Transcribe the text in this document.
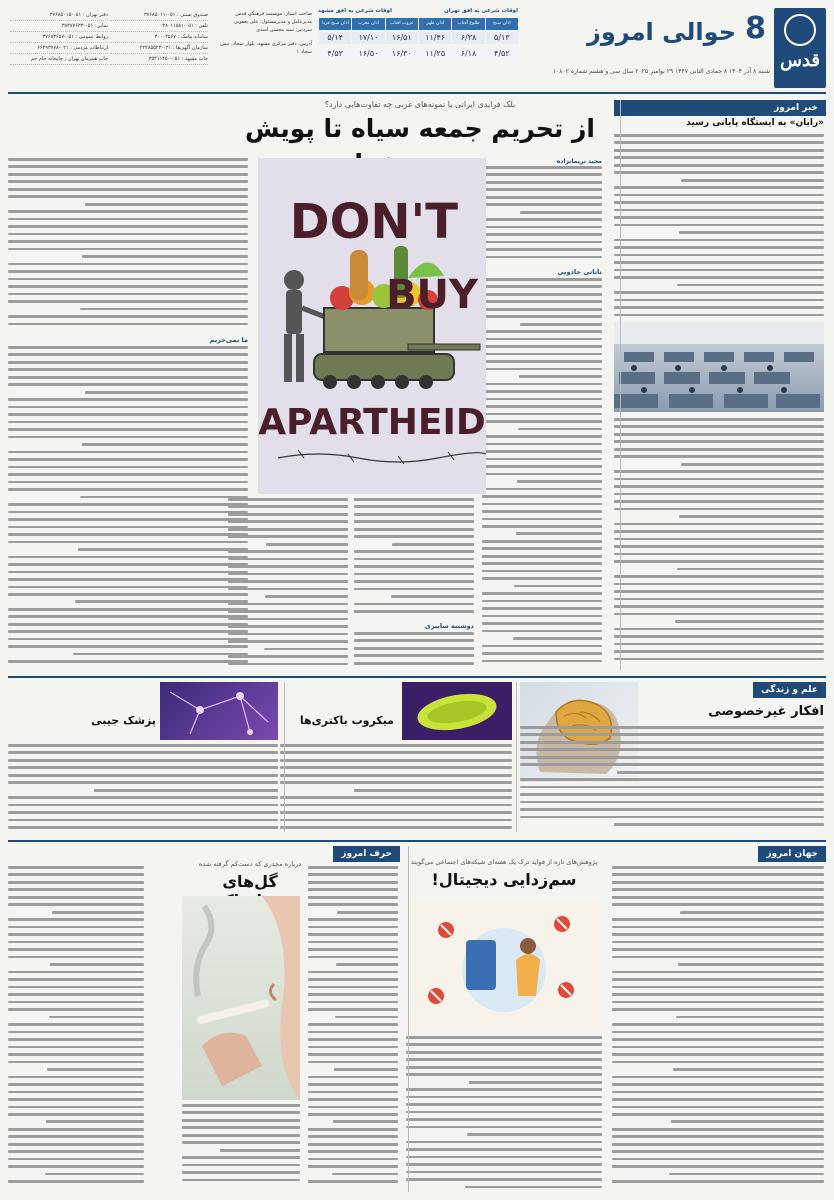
قدس
8
حوالی امروز
شنبه ۸ آذر ۱۴۰۴ ۸ جمادی الثانی ۱۴۴۷ ۲۹ نوامبر ۲۰۲۵ سال سی و هشتم شماره ۱۰۸۰۲
اوقات شرعی به افق تهران
اوقات شرعی به افق مشهد
اذان صبح
۵/۱۳
۴/۵۲
طلوع آفتاب
۶/۳۸
۶/۱۸
اذان ظهر
۱۱/۴۶
۱۱/۲۵
غروب آفتاب
۱۶/۵۱
۱۶/۳۰
اذان مغرب
۱۷/۱۰
۱۶/۵۰
اذان صبح فردا
۵/۱۴
۴/۵۳
صاحب امتیاز: موسسه فرهنگی قدس
مدیرعامل و مدیرمسئول: علی یعقوبی
سردبیر: سید محسن اسدی
آدرس: دفتر مرکزی مشهد، بلوار سجاد، نبش سجاد ۱
صندوق پستی : ۰۵۱-۳۷۶۸۵۰۱۱
دفتر تهران : ۰۵۱-۳۷۶۸۵۰۱۵
تلفن : ۰۵۱-۳۸۰۱۱۵۸۱
نمابر : ۰۵۱-۳۸۴۷۷۶۳۳
سامانه پیامک : ۳۰۰۰۴۵۶۷
روابط عمومی : ۰۵۱-۳۷۶۸۳۶۵۷
سازمان آگهی‌ها : ۰۲۱-۲۲۲۸۵۵۲۳
ارتباطات مردمی : ۰۲۱-۶۶۴۹۳۷۷۸
چاپ مشهد : ۰۵۱-۳۵۴۱۱۴۵۰
چاپ همزمان تهران : چاپخانه جام جم
خبر امروز
«رایان» به ایستگاه پایانی رسید
بلک فرایدی ایرانی با نمونه‌های غربی چه تفاوت‌هایی دارد؟
از تحریم جمعه سیاه تا پویش
مجید نریمانزاده
ناتانی جادویی
DON'T
BUY
APARTHEID
دوشنبه سایبری
ما نمی‌خریم
علم و زندگی
افکار غیرخصوصی
میکروب باکتری‌ها
پزشک جیبی
جهان امروز
پژوهش‌های تازه از فواید ترک یک هفته‌ای شبکه‌های اجتماعی می‌گویند
سم‌زدایی دیجیتال!
حرف امروز
درباره مخدری که دست‌کم گرفته شده
گل‌های
